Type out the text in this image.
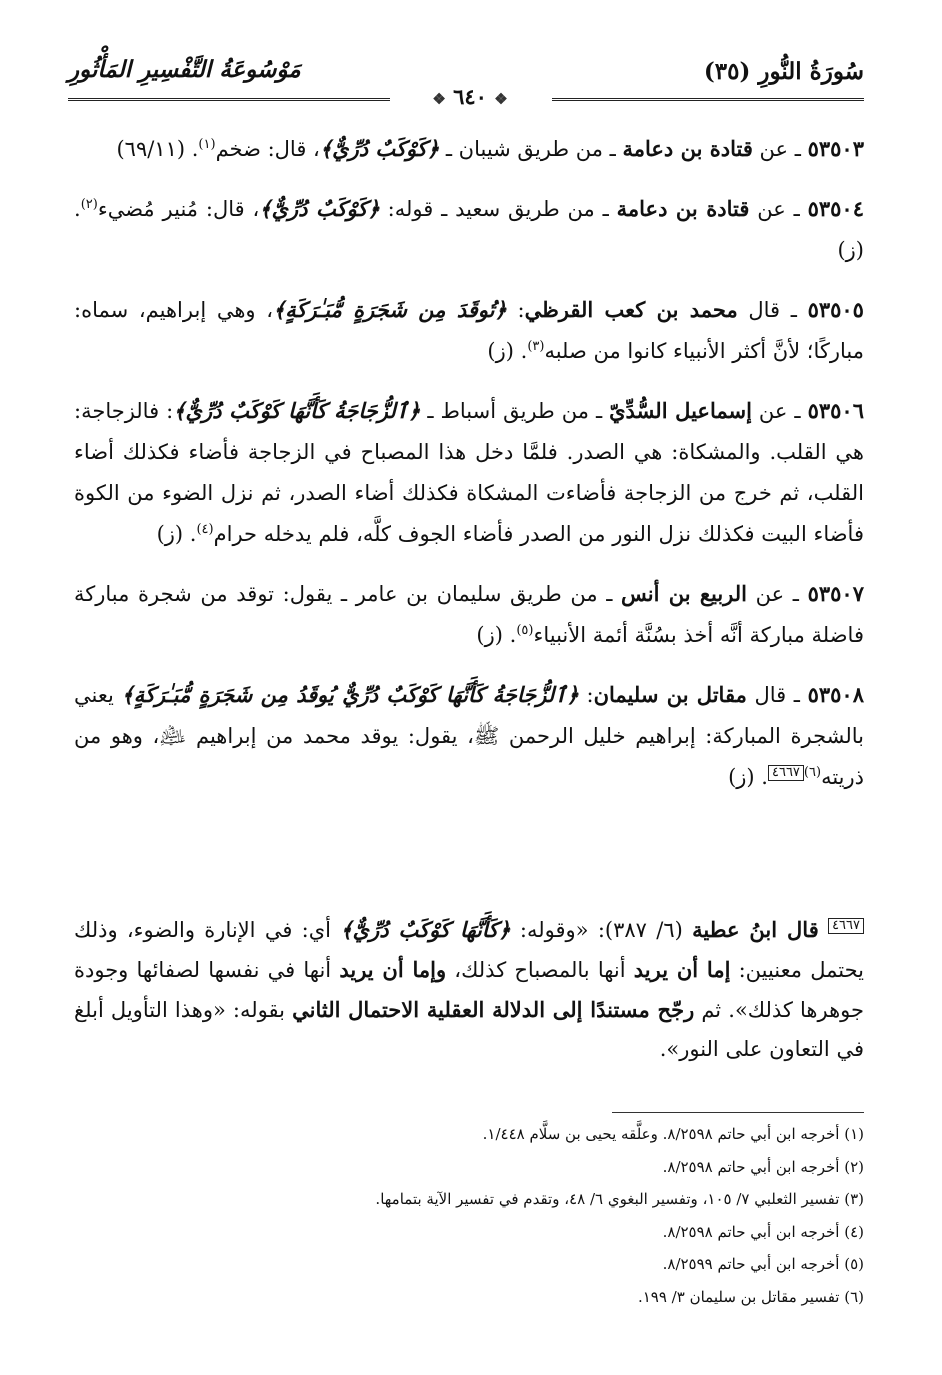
سُورَةُ النُّورِ (٣٥)
مَوْسُوعَةُ التَّفْسِيرِ المَأْثُورِ
❖ ٦٤٠ ❖
٥٣٥٠٣ ـ عن قتادة بن دعامة ـ من طريق شيبان ـ ﴿كَوْكَبٌ دُرِّيٌّ﴾، قال: ضخم$^{(١)}$. (٦٩/١١)
٥٣٥٠٤ ـ عن قتادة بن دعامة ـ من طريق سعيد ـ قوله: ﴿كَوْكَبٌ دُرِّيٌّ﴾، قال: مُنير مُضيء$^{(٢)}$. (ز)
٥٣٥٠٥ ـ قال محمد بن كعب القرظي: ﴿تُوقَدَ مِن شَجَرَةٍ مُّبَـٰرَكَةٍ﴾، وهي إبراهيم، سماه: مباركًا؛ لأنَّ أكثر الأنبياء كانوا من صلبه$^{(٣)}$. (ز)
٥٣٥٠٦ ـ عن إسماعيل السُّدِّيّ ـ من طريق أسباط ـ ﴿ٱلزُّجَاجَةُ كَأَنَّهَا كَوْكَبٌ دُرِّيٌّ﴾: فالزجاجة: هي القلب. والمشكاة: هي الصدر. فلمَّا دخل هذا المصباح في الزجاجة فأضاء فكذلك أضاء القلب، ثم خرج من الزجاجة فأضاءت المشكاة فكذلك أضاء الصدر، ثم نزل الضوء من الكوة فأضاء البيت فكذلك نزل النور من الصدر فأضاء الجوف كلَّه، فلم يدخله حرام$^{(٤)}$. (ز)
٥٣٥٠٧ ـ عن الربيع بن أنس ـ من طريق سليمان بن عامر ـ يقول: توقد من شجرة مباركة فاضلة مباركة أنَّه أخذ بسُنَّة أئمة الأنبياء$^{(٥)}$. (ز)
٥٣٥٠٨ ـ قال مقاتل بن سليمان: ﴿ٱلزُّجَاجَةُ كَأَنَّهَا كَوْكَبٌ دُرِّيٌّ يُوقَدُ مِن شَجَرَةٍ مُّبَـٰرَكَةٍ﴾ يعني بالشجرة المباركة: إبراهيم خليل الرحمن ﷺ، يقول: يوقد محمد من إبراهيم ﵇، وهو من ذريته$^{(٦)}$٤٦٦٧. (ز)
٤٦٦٧ قال ابنُ عطية (٦/ ٣٨٧): «وقوله: ﴿كَأَنَّهَا كَوْكَبٌ دُرِّيٌّ﴾ أي: في الإنارة والضوء، وذلك يحتمل معنيين: إما أن يريد أنها بالمصباح كذلك، وإما أن يريد أنها في نفسها لصفائها وجودة جوهرها كذلك». ثم رجّح مستندًا إلى الدلالة العقلية الاحتمال الثاني بقوله: «وهذا التأويل أبلغ في التعاون على النور».
(١) أخرجه ابن أبي حاتم ٨/٢٥٩٨. وعلَّقه يحيى بن سلَّام ١/٤٤٨.
(٢) أخرجه ابن أبي حاتم ٨/٢٥٩٨.
(٣) تفسير الثعلبي ٧/ ١٠٥، وتفسير البغوي ٦/ ٤٨، وتقدم في تفسير الآية بتمامها.
(٤) أخرجه ابن أبي حاتم ٨/٢٥٩٨.
(٥) أخرجه ابن أبي حاتم ٨/٢٥٩٩.
(٦) تفسير مقاتل بن سليمان ٣/ ١٩٩.
